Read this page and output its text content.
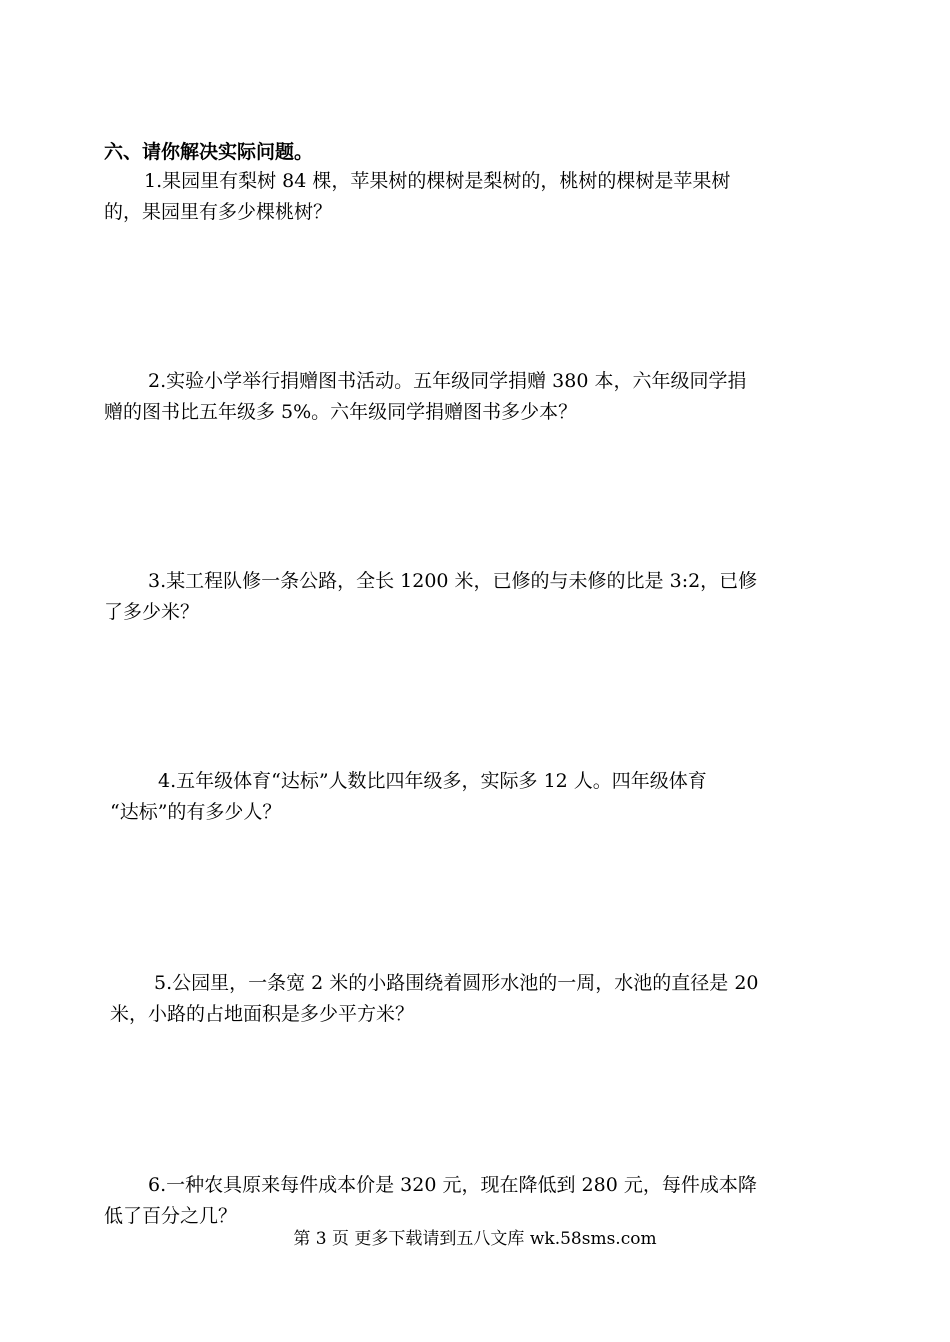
六、请你解决实际问题。

1.果园里有梨树 84 棵，苹果树的棵树是梨树的，桃树的棵树是苹果树
的，果园里有多少棵桃树？

2.实验小学举行捐赠图书活动。五年级同学捐赠 380 本，六年级同学捐
赠的图书比五年级多 5%。六年级同学捐赠图书多少本？

3.某工程队修一条公路，全长 1200 米，已修的与未修的比是 3:2，已修
了多少米？

4.五年级体育“达标”人数比四年级多，实际多 12 人。四年级体育
“达标”的有多少人？

5.公园里，一条宽 2 米的小路围绕着圆形水池的一周，水池的直径是 20
米，小路的占地面积是多少平方米？

6.一种农具原来每件成本价是 320 元，现在降低到 280 元，每件成本降
低了百分之几？

第 3 页 更多下载请到五八文库 wk.58sms.com
